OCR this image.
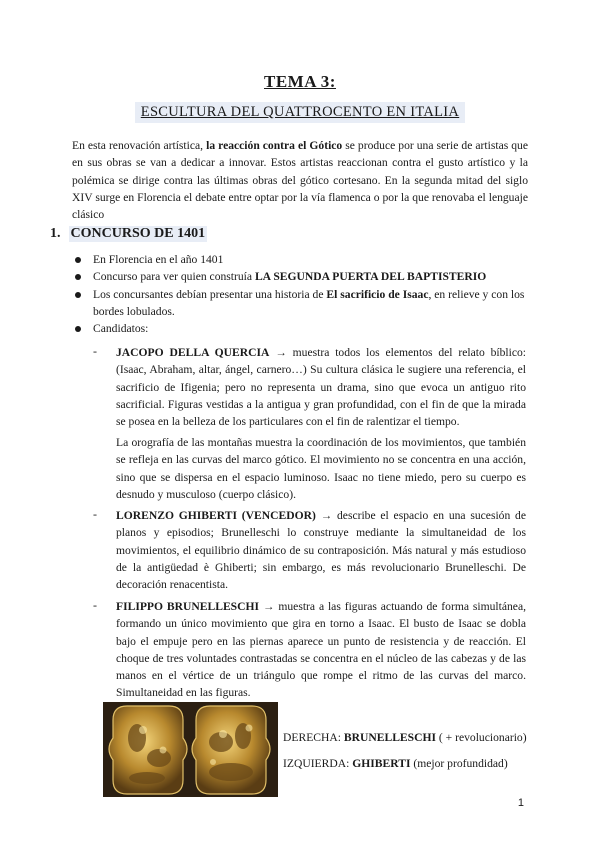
TEMA 3:
ESCULTURA DEL QUATTROCENTO EN ITALIA
En esta renovación artística, la reacción contra el Gótico se produce por una serie de artistas que en sus obras se van a dedicar a innovar. Estos artistas reaccionan contra el gusto artístico y la polémica se dirige contra las últimas obras del gótico cortesano. En la segunda mitad del siglo XIV surge en Florencia el debate entre optar por la vía flamenca o por la que renovaba el lenguaje clásico
1. CONCURSO DE 1401
En Florencia en el año 1401
Concurso para ver quien construía LA SEGUNDA PUERTA DEL BAPTISTERIO
Los concursantes debían presentar una historia de El sacrificio de Isaac, en relieve y con los bordes lobulados.
Candidatos:
- JACOPO DELLA QUERCIA → muestra todos los elementos del relato bíblico: (Isaac, Abraham, altar, ángel, carnero…) Su cultura clásica le sugiere una referencia, el sacrificio de Ifigenia; pero no representa un drama, sino que evoca un antiguo rito sacrificial. Figuras vestidas a la antigua y gran profundidad, con el fin de que la mirada se posea en la belleza de los particulares con el fin de ralentizar el tiempo.
La orografía de las montañas muestra la coordinación de los movimientos, que también se refleja en las curvas del marco gótico. El movimiento no se concentra en una acción, sino que se dispersa en el espacio luminoso. Isaac no tiene miedo, pero su cuerpo es desnudo y musculoso (cuerpo clásico).
- LORENZO GHIBERTI (VENCEDOR) → describe el espacio en una sucesión de planos y episodios; Brunelleschi lo construye mediante la simultaneidad de los movimientos, el equilibrio dinámico de su contraposición. Más natural y más estudioso de la antigüedad è Ghiberti; sin embargo, es más revolucionario Brunelleschi. De decoración renacentista.
- FILIPPO BRUNELLESCHI → muestra a las figuras actuando de forma simultánea, formando un único movimiento que gira en torno a Isaac. El busto de Isaac se dobla bajo el empuje pero en las piernas aparece un punto de resistencia y de reacción. El choque de tres voluntades contrastadas se concentra en el núcleo de las cabezas y de las manos en el vértice de un triángulo que rompe el ritmo de las curvas del marco. Simultaneidad en las figuras.
DERECHA: BRUNELLESCHI ( + revolucionario)
IZQUIERDA: GHIBERTI (mejor profundidad)
1
